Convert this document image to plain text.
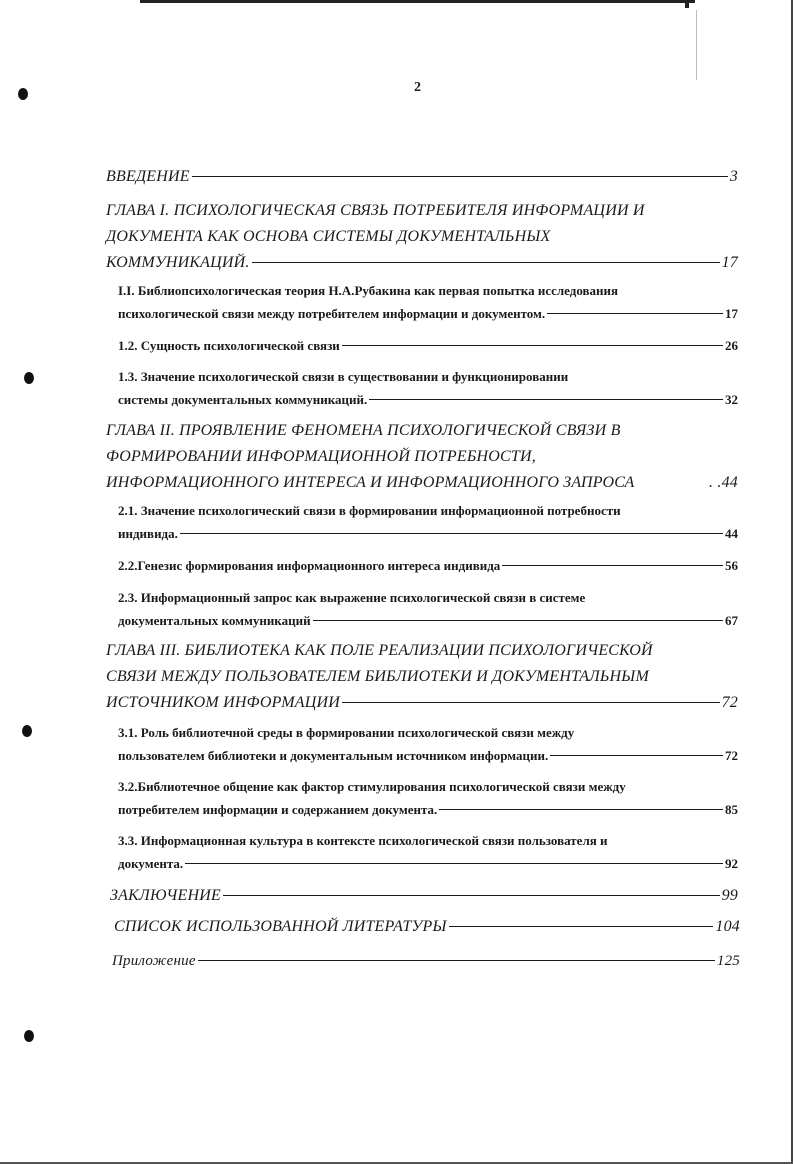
2
ВВЕДЕНИЕ	3
ГЛАВА I. ПСИХОЛОГИЧЕСКАЯ СВЯЗЬ ПОТРЕБИТЕЛЯ ИНФОРМАЦИИ И
ДОКУМЕНТА КАК ОСНОВА СИСТЕМЫ ДОКУМЕНТАЛЬНЫХ
КОММУНИКАЦИЙ.	17
I.I. Библиопсихологическая теория Н.А.Рубакина как первая попытка исследования
психологической связи между потребителем информации и документом.	17
1.2. Сущность психологической связи	26
1.3. Значение психологической связи в существовании и функционировании
системы документальных коммуникаций.	32
ГЛАВА II. ПРОЯВЛЕНИЕ ФЕНОМЕНА ПСИХОЛОГИЧЕСКОЙ СВЯЗИ В
ФОРМИРОВАНИИ ИНФОРМАЦИОННОЙ ПОТРЕБНОСТИ,
ИНФОРМАЦИОННОГО ИНТЕРЕСА И ИНФОРМАЦИОННОГО ЗАПРОСА	. . 44
2.1. Значение психологический связи в формировании информационной потребности
индивида.	44
2.2.Генезис формирования информационного интереса индивида	56
2.3. Информационный запрос как выражение психологической связи в системе
документальных коммуникаций	67
ГЛАВА III. БИБЛИОТЕКА КАК ПОЛЕ РЕАЛИЗАЦИИ ПСИХОЛОГИЧЕСКОЙ
СВЯЗИ МЕЖДУ ПОЛЬЗОВАТЕЛЕМ БИБЛИОТЕКИ И ДОКУМЕНТАЛЬНЫМ
ИСТОЧНИКОМ ИНФОРМАЦИИ	72
3.1. Роль библиотечной среды в формировании психологической связи между
пользователем библиотеки и документальным источником информации.	72
3.2.Библиотечное общение как фактор стимулирования психологической связи между
потребителем информации и содержанием документа.	85
3.3. Информационная культура в контексте психологической связи пользователя и
документа.	92
ЗАКЛЮЧЕНИЕ	99
СПИСОК ИСПОЛЬЗОВАННОЙ ЛИТЕРАТУРЫ	104
Приложение	125
